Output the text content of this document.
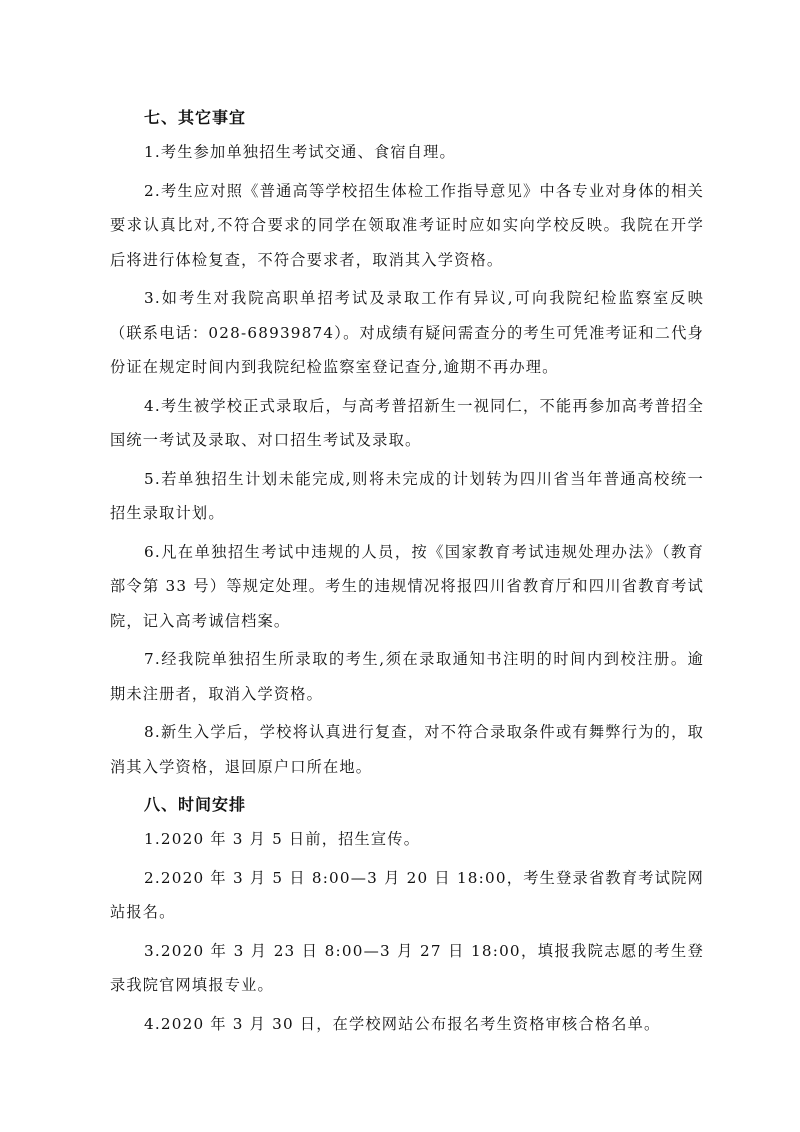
七、其它事宜

1.考生参加单独招生考试交通、食宿自理。

2.考生应对照《普通高等学校招生体检工作指导意见》中各专业对身体的相关要求认真比对,不符合要求的同学在领取准考证时应如实向学校反映。我院在开学后将进行体检复查，不符合要求者，取消其入学资格。

3.如考生对我院高职单招考试及录取工作有异议,可向我院纪检监察室反映（联系电话：028-68939874）。对成绩有疑问需查分的考生可凭准考证和二代身份证在规定时间内到我院纪检监察室登记查分,逾期不再办理。

4.考生被学校正式录取后，与高考普招新生一视同仁，不能再参加高考普招全国统一考试及录取、对口招生考试及录取。

5.若单独招生计划未能完成,则将未完成的计划转为四川省当年普通高校统一招生录取计划。

6.凡在单独招生考试中违规的人员，按《国家教育考试违规处理办法》（教育部令第 33 号）等规定处理。考生的违规情况将报四川省教育厅和四川省教育考试院，记入高考诚信档案。

7.经我院单独招生所录取的考生,须在录取通知书注明的时间内到校注册。逾期未注册者，取消入学资格。

8.新生入学后，学校将认真进行复查，对不符合录取条件或有舞弊行为的，取消其入学资格，退回原户口所在地。

八、时间安排

1.2020 年 3 月 5 日前，招生宣传。

2.2020 年 3 月 5 日 8:00—3 月 20 日 18:00，考生登录省教育考试院网站报名。

3.2020 年 3 月 23 日 8:00—3 月 27 日 18:00，填报我院志愿的考生登录我院官网填报专业。

4.2020 年 3 月 30 日，在学校网站公布报名考生资格审核合格名单。
